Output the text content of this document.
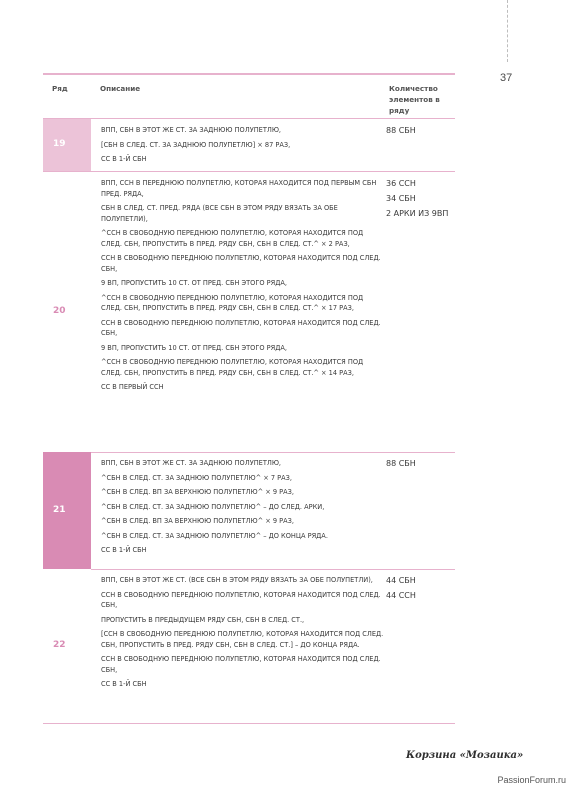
37
Ряд	Описание	Количество элементов в ряду
19

ВПП, СБН В ЭТОТ ЖЕ СТ. ЗА ЗАДНЮЮ ПОЛУПЕТЛЮ,

[СБН В СЛЕД. СТ. ЗА ЗАДНЮЮ ПОЛУПЕТЛЮ] × 87 РАЗ,

СС В 1-Й СБН

88 СБН
20

ВПП, ССН В ПЕРЕДНЮЮ ПОЛУПЕТЛЮ, КОТОРАЯ НАХОДИТСЯ ПОД ПЕРВЫМ СБН ПРЕД. РЯДА,

СБН В СЛЕД. СТ. ПРЕД. РЯДА (ВСЕ СБН В ЭТОМ РЯДУ ВЯЗАТЬ ЗА ОБЕ ПОЛУПЕТЛИ),

^ССН В СВОБОДНУЮ ПЕРЕДНЮЮ ПОЛУПЕТЛЮ, КОТОРАЯ НАХОДИТСЯ ПОД СЛЕД. СБН, ПРОПУСТИТЬ В ПРЕД. РЯДУ СБН, СБН В СЛЕД. СТ.^ × 2 РАЗ,

ССН В СВОБОДНУЮ ПЕРЕДНЮЮ ПОЛУПЕТЛЮ, КОТОРАЯ НАХОДИТСЯ ПОД СЛЕД. СБН,

9 ВП, ПРОПУСТИТЬ 10 СТ. ОТ ПРЕД. СБН ЭТОГО РЯДА,

^ССН В СВОБОДНУЮ ПЕРЕДНЮЮ ПОЛУПЕТЛЮ, КОТОРАЯ НАХОДИТСЯ ПОД СЛЕД. СБН, ПРОПУСТИТЬ В ПРЕД. РЯДУ СБН, СБН В СЛЕД. СТ.^ × 17 РАЗ,

ССН В СВОБОДНУЮ ПЕРЕДНЮЮ ПОЛУПЕТЛЮ, КОТОРАЯ НАХОДИТСЯ ПОД СЛЕД. СБН,

9 ВП, ПРОПУСТИТЬ 10 СТ. ОТ ПРЕД. СБН ЭТОГО РЯДА,

^ССН В СВОБОДНУЮ ПЕРЕДНЮЮ ПОЛУПЕТЛЮ, КОТОРАЯ НАХОДИТСЯ ПОД СЛЕД. СБН, ПРОПУСТИТЬ В ПРЕД. РЯДУ СБН, СБН В СЛЕД. СТ.^ × 14 РАЗ,

СС В ПЕРВЫЙ ССН

36 ССН
34 СБН
2 АРКИ ИЗ 9ВП
21

ВПП, СБН В ЭТОТ ЖЕ СТ. ЗА ЗАДНЮЮ ПОЛУПЕТЛЮ,

^СБН В СЛЕД. СТ. ЗА ЗАДНЮЮ ПОЛУПЕТЛЮ^ × 7 РАЗ,

^СБН В СЛЕД. ВП ЗА ВЕРХНЮЮ ПОЛУПЕТЛЮ^ × 9 РАЗ,

^СБН В СЛЕД. СТ. ЗА ЗАДНЮЮ ПОЛУПЕТЛЮ^ – ДО СЛЕД. АРКИ,

^СБН В СЛЕД. ВП ЗА ВЕРХНЮЮ ПОЛУПЕТЛЮ^ × 9 РАЗ,

^СБН В СЛЕД. СТ. ЗА ЗАДНЮЮ ПОЛУПЕТЛЮ^ – ДО КОНЦА РЯДА.

СС В 1-Й СБН

88 СБН
22

ВПП, СБН В ЭТОТ ЖЕ СТ. (ВСЕ СБН В ЭТОМ РЯДУ ВЯЗАТЬ ЗА ОБЕ ПОЛУПЕТЛИ),

ССН В СВОБОДНУЮ ПЕРЕДНЮЮ ПОЛУПЕТЛЮ, КОТОРАЯ НАХОДИТСЯ ПОД СЛЕД. СБН,

ПРОПУСТИТЬ В ПРЕДЫДУЩЕМ РЯДУ СБН, СБН В СЛЕД. СТ.,

[ССН В СВОБОДНУЮ ПЕРЕДНЮЮ ПОЛУПЕТЛЮ, КОТОРАЯ НАХОДИТСЯ ПОД СЛЕД. СБН, ПРОПУСТИТЬ В ПРЕД. РЯДУ СБН, СБН В СЛЕД. СТ.] – ДО КОНЦА РЯДА.

ССН В СВОБОДНУЮ ПЕРЕДНЮЮ ПОЛУПЕТЛЮ, КОТОРАЯ НАХОДИТСЯ ПОД СЛЕД. СБН,

СС В 1-Й СБН

44 СБН
44 ССН
Корзина «Мозаика»
PassionForum.ru
